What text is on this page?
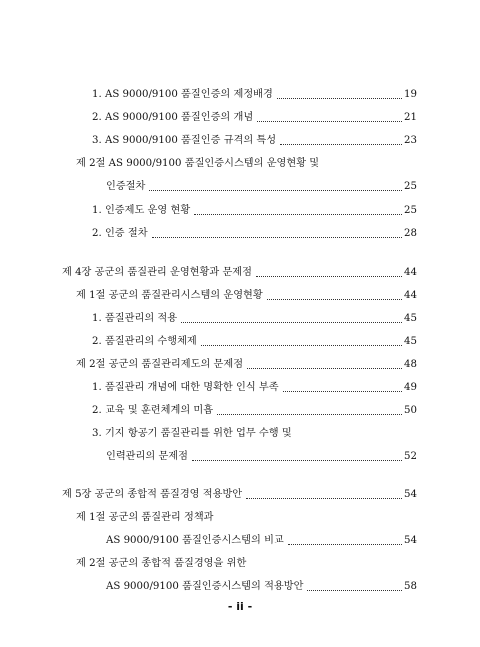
1. AS 9000/9100 품질인증의 제정배경	19
2. AS 9000/9100 품질인증의 개념	21
3. AS 9000/9100 품질인증 규격의 특성	23
제 2절 AS 9000/9100 품질인증시스템의 운영현황 및
인증절차	25
1. 인증제도 운영 현황	25
2. 인증 절차	28
제 4장 공군의 품질관리 운영현황과 문제점	44
제 1절 공군의 품질관리시스템의 운영현황	44
1. 품질관리의 적용	45
2. 품질관리의 수행체제	45
제 2절 공군의 품질관리제도의 문제점	48
1. 품질관리 개념에 대한 명확한 인식 부족	49
2. 교육 및 훈련체계의 미흡	50
3. 기지 항공기 품질관리를 위한 업무 수행 및
인력관리의 문제점	52
제 5장 공군의 종합적 품질경영 적용방안	54
제 1절 공군의 품질관리 정책과
AS 9000/9100 품질인증시스템의 비교	54
제 2절 공군의 종합적 품질경영을 위한
AS 9000/9100 품질인증시스템의 적용방안	58
- ii -
